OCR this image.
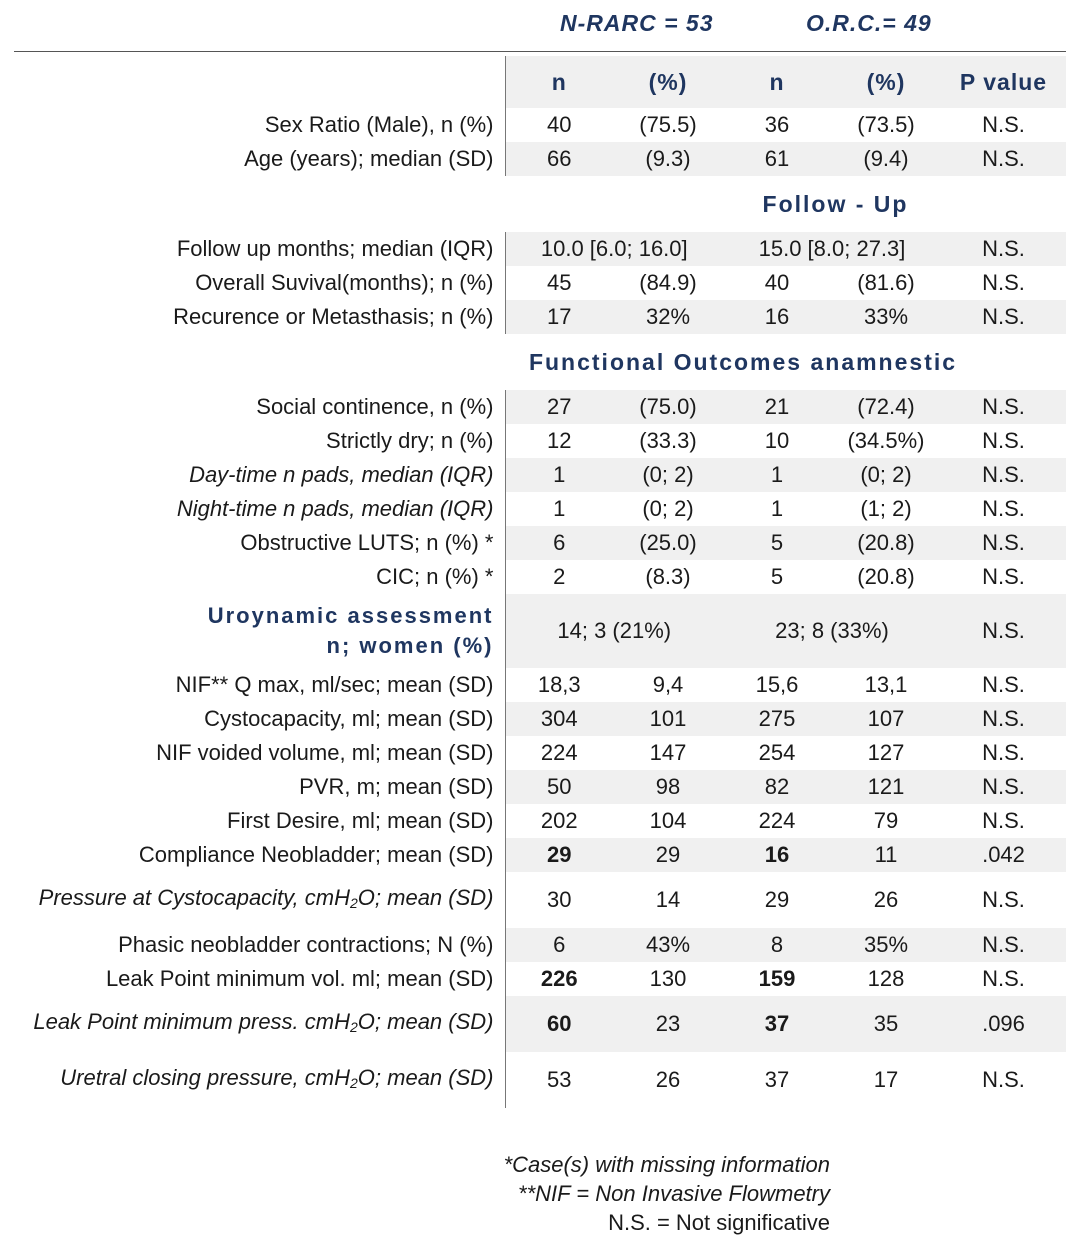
N-RARC = 53	O.R.C.= 49
	n	(%)	n	(%)	P value
Sex Ratio (Male), n (%)	40	(75.5)	36	(73.5)	N.S.
Age (years); median (SD)	66	(9.3)	61	(9.4)	N.S.
	Follow - Up				
Follow up months; median (IQR)	10.0 [6.0; 16.0]		15.0 [8.0; 27.3]		N.S.
Overall Suvival(months); n (%)	45	(84.9)	40	(81.6)	N.S.
Recurence or Metasthasis; n (%)	17	32%	16	33%	N.S.
Functional Outcomes anamnestic					
Social continence, n (%)	27	(75.0)	21	(72.4)	N.S.
Strictly dry; n (%)	12	(33.3)	10	(34.5%)	N.S.
Day-time n pads, median (IQR)	1	(0; 2)	1	(0; 2)	N.S.
Night-time n pads, median (IQR)	1	(0; 2)	1	(1; 2)	N.S.
Obstructive LUTS; n (%) *	6	(25.0)	5	(20.8)	N.S.
CIC; n (%) *	2	(8.3)	5	(20.8)	N.S.
Uroynamic assessment
n; women (%)	14; 3 (21%)		23; 8 (33%)		N.S.
NIF** Q max, ml/sec; mean (SD)	18,3	9,4	15,6	13,1	N.S.
Cystocapacity, ml; mean (SD)	304	101	275	107	N.S.
NIF voided volume, ml; mean (SD)	224	147	254	127	N.S.
PVR, m; mean (SD)	50	98	82	121	N.S.
First Desire, ml; mean (SD)	202	104	224	79	N.S.
Compliance Neobladder; mean (SD)	29	29	16	11	.042
Pressure at Cystocapacity, cmH$_2$O; mean (SD)	30	14	29	26	N.S.
Phasic neobladder contractions; N (%)	6	43%	8	35%	N.S.
Leak Point minimum vol. ml; mean (SD)	226	130	159	128	N.S.
Leak Point minimum press. cmH$_2$O; mean (SD)	60	23	37	35	.096
Uretral closing pressure, cmH$_2$O; mean (SD)	53	26	37	17	N.S.
*Case(s) with missing information
**NIF = Non Invasive Flowmetry
N.S. = Not significative
